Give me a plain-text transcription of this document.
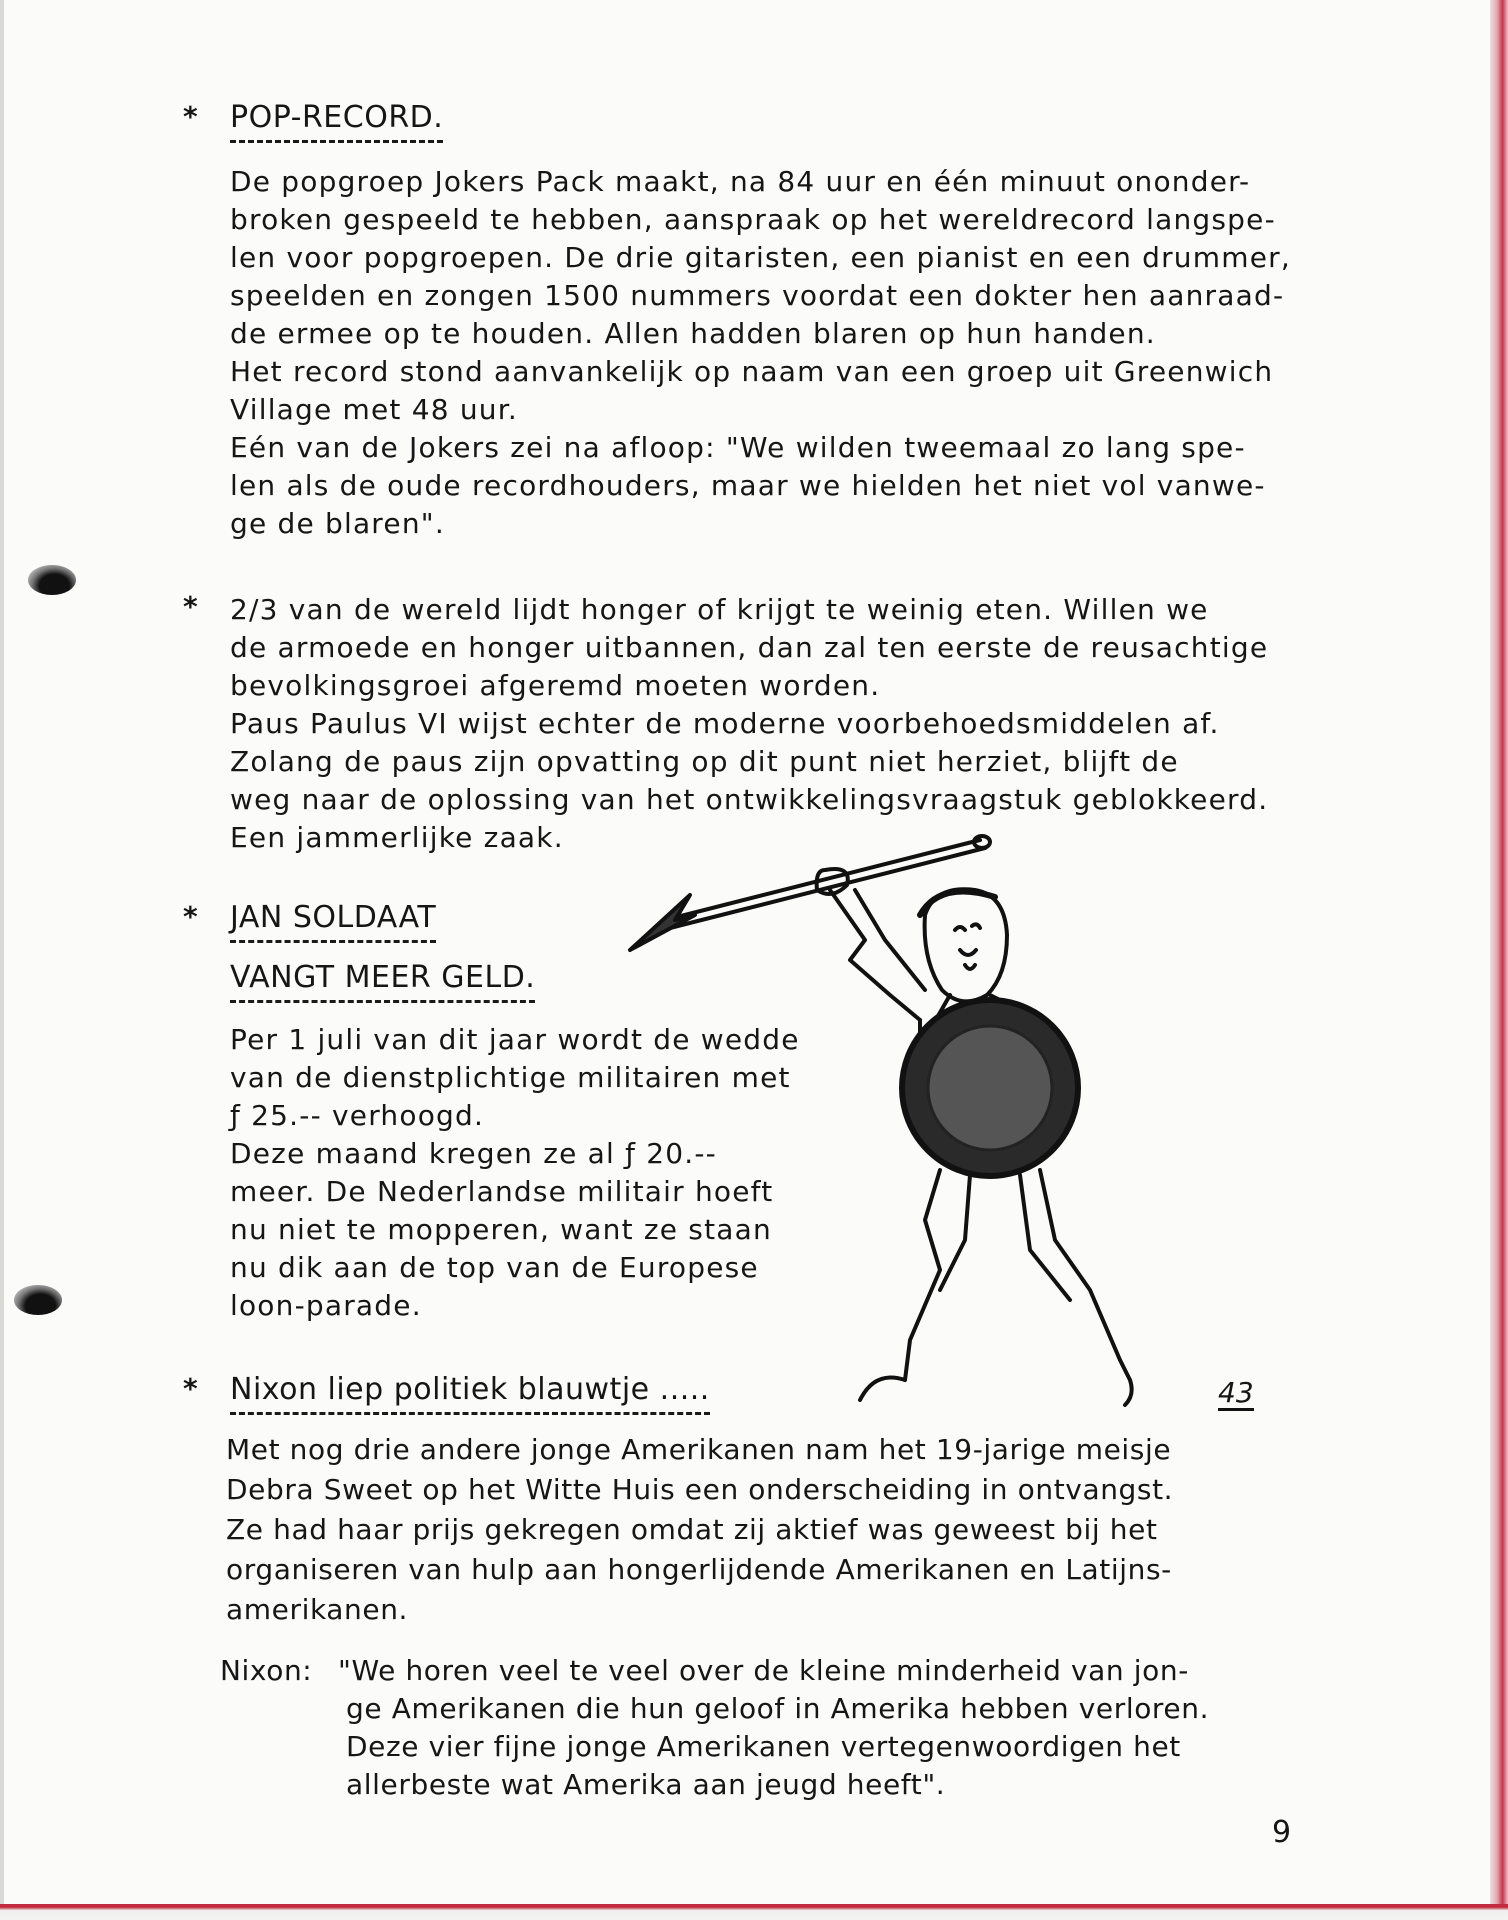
* POP-RECORD.
De popgroep Jokers Pack maakt, na 84 uur en één minuut ononder-
broken gespeeld te hebben, aanspraak op het wereldrecord langspe-
len voor popgroepen. De drie gitaristen, een pianist en een drummer,
speelden en zongen 1500 nummers voordat een dokter hen aanraad-
de ermee op te houden. Allen hadden blaren op hun handen.
Het record stond aanvankelijk op naam van een groep uit Greenwich
Village met 48 uur.
Eén van de Jokers zei na afloop: "We wilden tweemaal zo lang spe-
len als de oude recordhouders, maar we hielden het niet vol vanwe-
ge de blaren".
* 2/3 van de wereld lijdt honger of krijgt te weinig eten. Willen we
de armoede en honger uitbannen, dan zal ten eerste de reusachtige
bevolkingsgroei afgeremd moeten worden.
Paus Paulus VI wijst echter de moderne voorbehoedsmiddelen af.
Zolang de paus zijn opvatting op dit punt niet herziet, blijft de
weg naar de oplossing van het ontwikkelingsvraagstuk geblokkeerd.
Een jammerlijke zaak.
* JAN SOLDAAT
VANGT MEER GELD.
Per 1 juli van dit jaar wordt de wedde
van de dienstplichtige militairen met
ƒ 25.-- verhoogd.
Deze maand kregen ze al ƒ 20.--
meer. De Nederlandse militair hoeft
nu niet te mopperen, want ze staan
nu dik aan de top van de Europese
loon-parade.
43
* Nixon liep politiek blauwtje .....
Met nog drie andere jonge Amerikanen nam het 19-jarige meisje
Debra Sweet op het Witte Huis een onderscheiding in ontvangst.
Ze had haar prijs gekregen omdat zij aktief was geweest bij het
organiseren van hulp aan hongerlijdende Amerikanen en Latijns-
amerikanen.
Nixon: "We horen veel te veel over de kleine minderheid van jon-
ge Amerikanen die hun geloof in Amerika hebben verloren.
Deze vier fijne jonge Amerikanen vertegenwoordigen het
allerbeste wat Amerika aan jeugd heeft".
9
